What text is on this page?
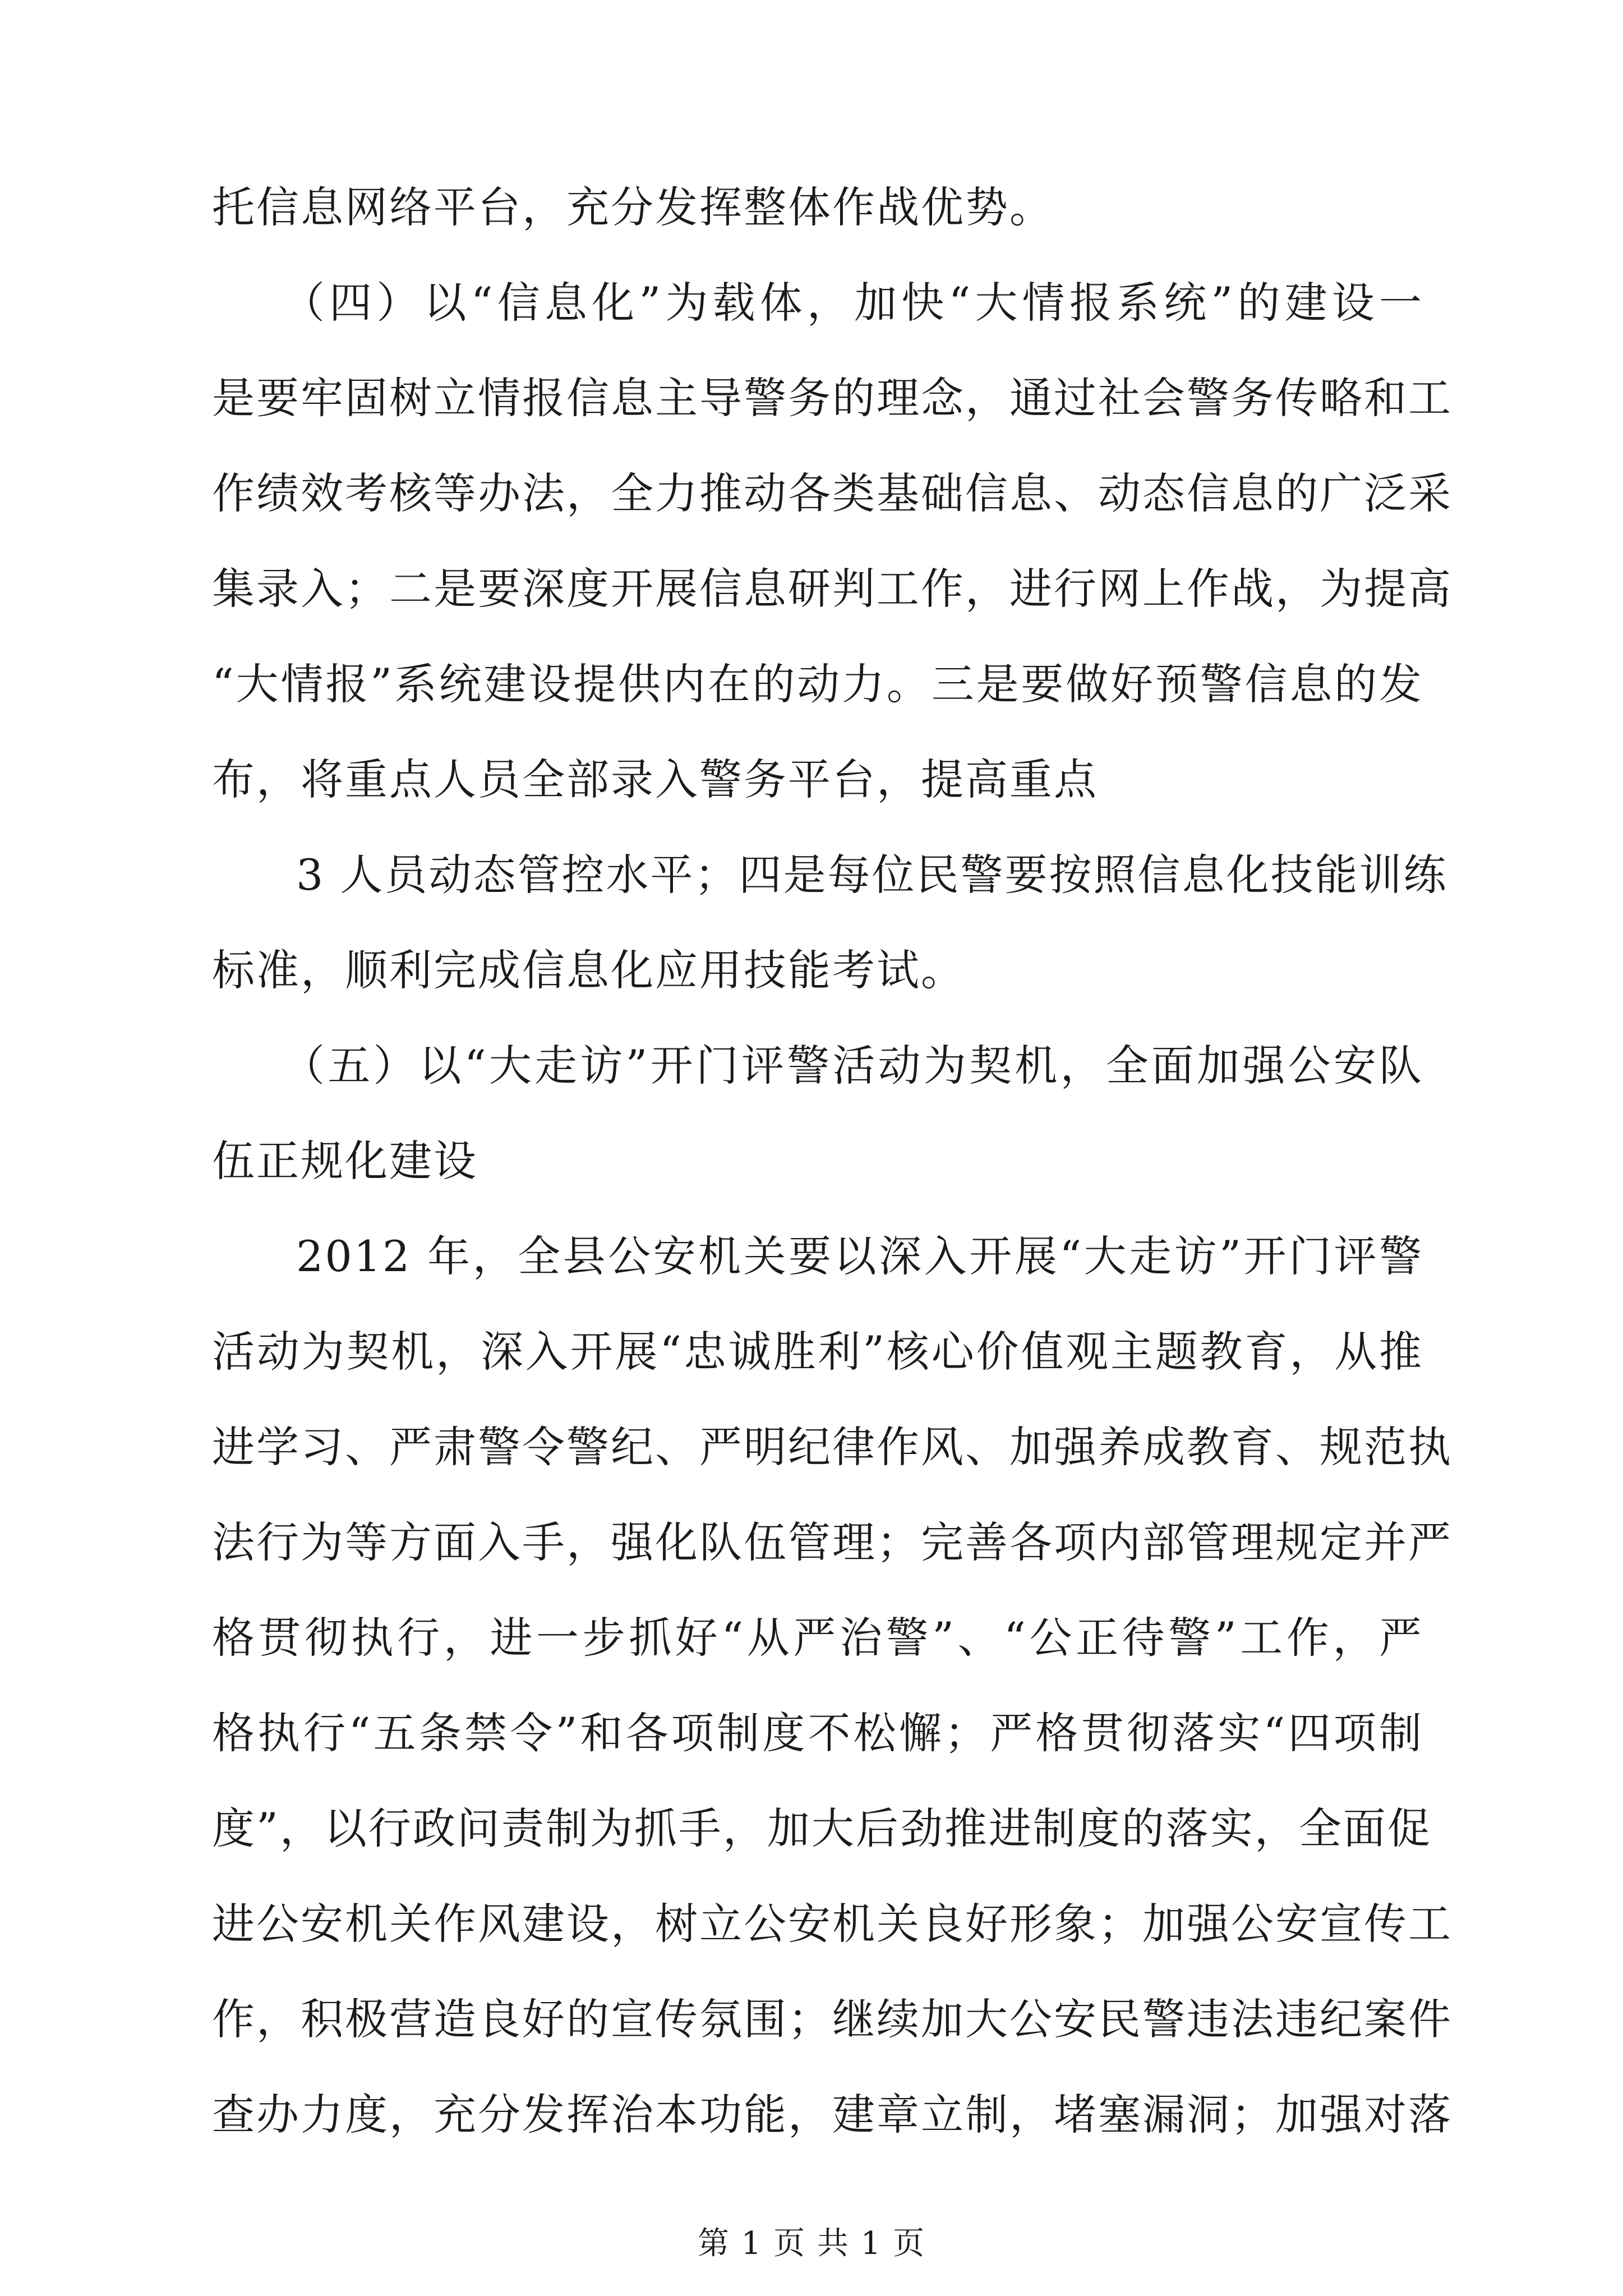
托信息网络平台，充分发挥整体作战优势。
（四）以“信息化”为载体，加快“大情报系统”的建设一
是要牢固树立情报信息主导警务的理念，通过社会警务传略和工
作绩效考核等办法，全力推动各类基础信息、动态信息的广泛采
集录入；二是要深度开展信息研判工作，进行网上作战，为提高
“大情报”系统建设提供内在的动力。三是要做好预警信息的发
布，将重点人员全部录入警务平台，提高重点
3 人员动态管控水平；四是每位民警要按照信息化技能训练
标准，顺利完成信息化应用技能考试。
（五）以“大走访”开门评警活动为契机，全面加强公安队
伍正规化建设
2012 年，全县公安机关要以深入开展“大走访”开门评警
活动为契机，深入开展“忠诚胜利”核心价值观主题教育，从推
进学习、严肃警令警纪、严明纪律作风、加强养成教育、规范执
法行为等方面入手，强化队伍管理；完善各项内部管理规定并严
格贯彻执行，进一步抓好“从严治警”、“公正待警”工作，严
格执行“五条禁令”和各项制度不松懈；严格贯彻落实“四项制
度”，以行政问责制为抓手，加大后劲推进制度的落实，全面促
进公安机关作风建设，树立公安机关良好形象；加强公安宣传工
作，积极营造良好的宣传氛围；继续加大公安民警违法违纪案件
查办力度，充分发挥治本功能，建章立制，堵塞漏洞；加强对落
第 1 页 共 1 页
